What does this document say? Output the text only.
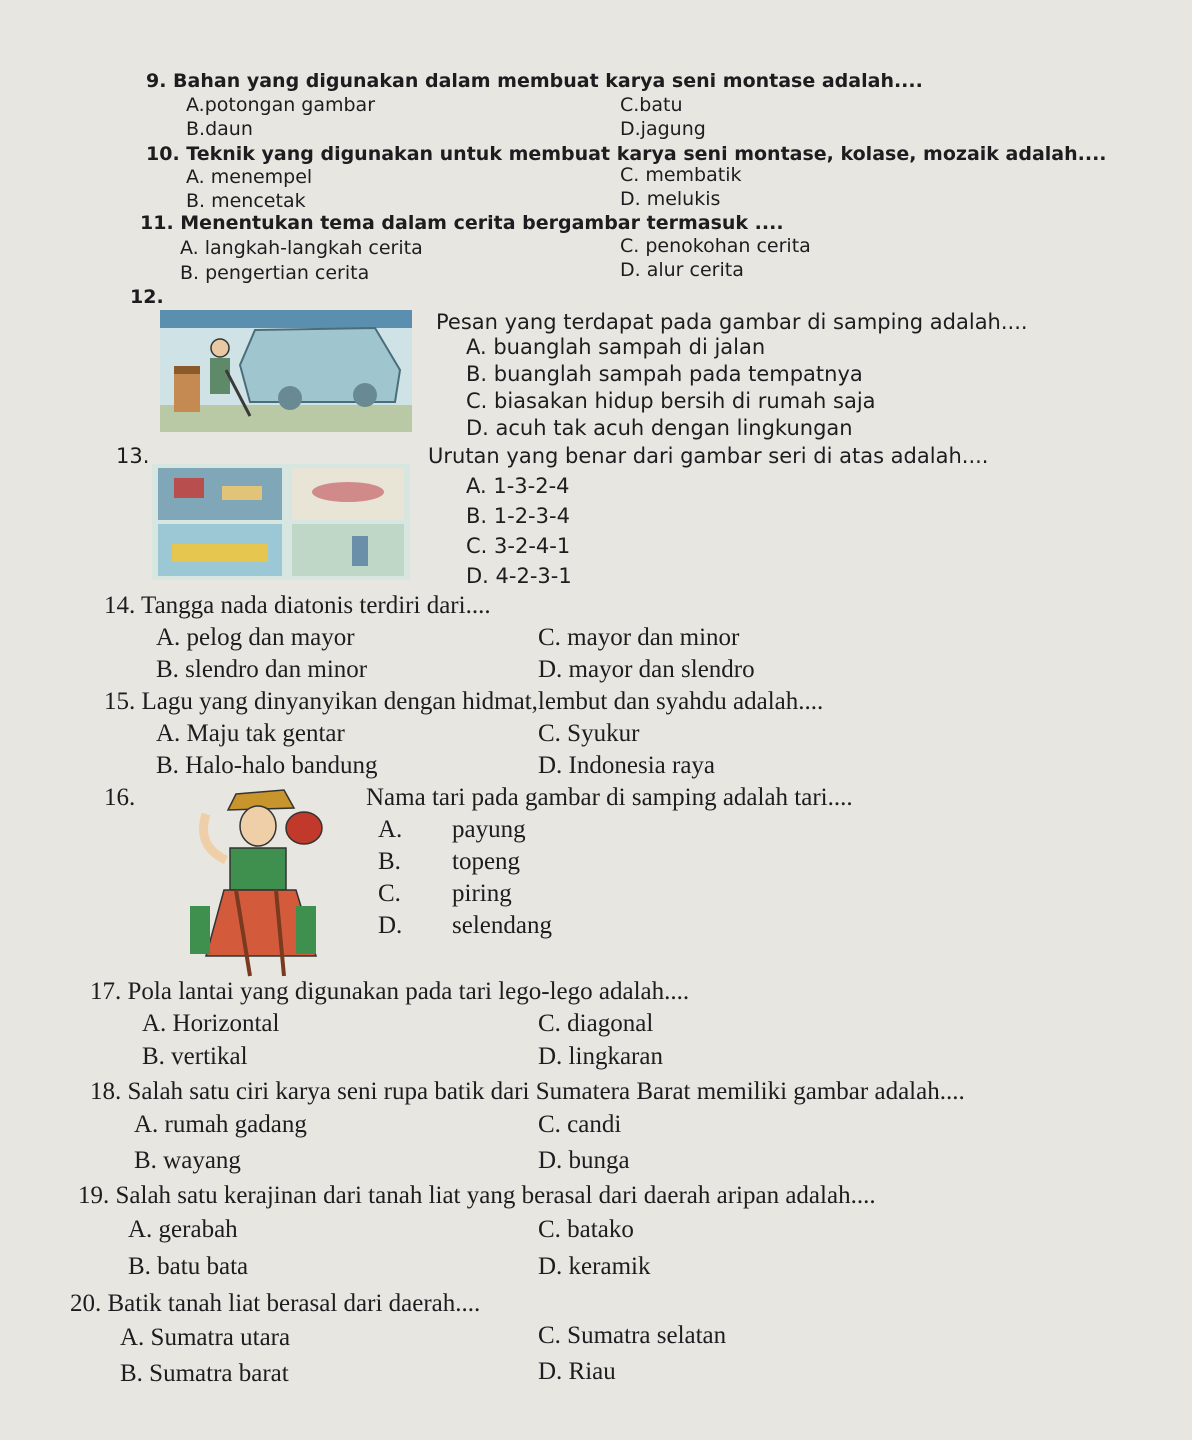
9. Bahan yang digunakan dalam membuat karya seni montase adalah....
A.potongan gambar
B.daun
C.batu
D.jagung
10. Teknik yang digunakan untuk membuat karya seni montase, kolase, mozaik adalah....
A. menempel
B. mencetak
C. membatik
D. melukis
11. Menentukan tema dalam cerita bergambar termasuk ....
A. langkah-langkah cerita
B. pengertian cerita
C. penokohan cerita
D. alur cerita
12.
Pesan yang terdapat pada gambar di samping adalah....
A. buanglah sampah di jalan
B. buanglah sampah pada tempatnya
C. biasakan hidup bersih di rumah saja
D. acuh tak acuh dengan lingkungan
13.	Urutan yang benar dari gambar seri di atas adalah....
A. 1-3-2-4
B. 1-2-3-4
C. 3-2-4-1
D. 4-2-3-1
14. Tangga nada diatonis terdiri dari....
A. pelog dan mayor
B. slendro dan minor
C. mayor dan minor
D. mayor dan slendro
15. Lagu yang dinyanyikan dengan hidmat,lembut dan syahdu adalah....
A. Maju tak gentar
B. Halo-halo bandung
C. Syukur
D. Indonesia raya
16.	Nama tari pada gambar di samping adalah tari....
A. payung
B. topeng
C. piring
D. selendang
17. Pola lantai yang digunakan pada tari lego-lego adalah....
A. Horizontal
B. vertikal
C. diagonal
D. lingkaran
18. Salah satu ciri karya seni rupa batik dari Sumatera Barat memiliki gambar adalah....
A. rumah gadang
B. wayang
C. candi
D. bunga
19. Salah satu kerajinan dari tanah liat yang berasal dari daerah aripan adalah....
A. gerabah
B. batu bata
C. batako
D. keramik
20. Batik tanah liat berasal dari daerah....
A. Sumatra utara
B. Sumatra barat
C. Sumatra selatan
D. Riau
